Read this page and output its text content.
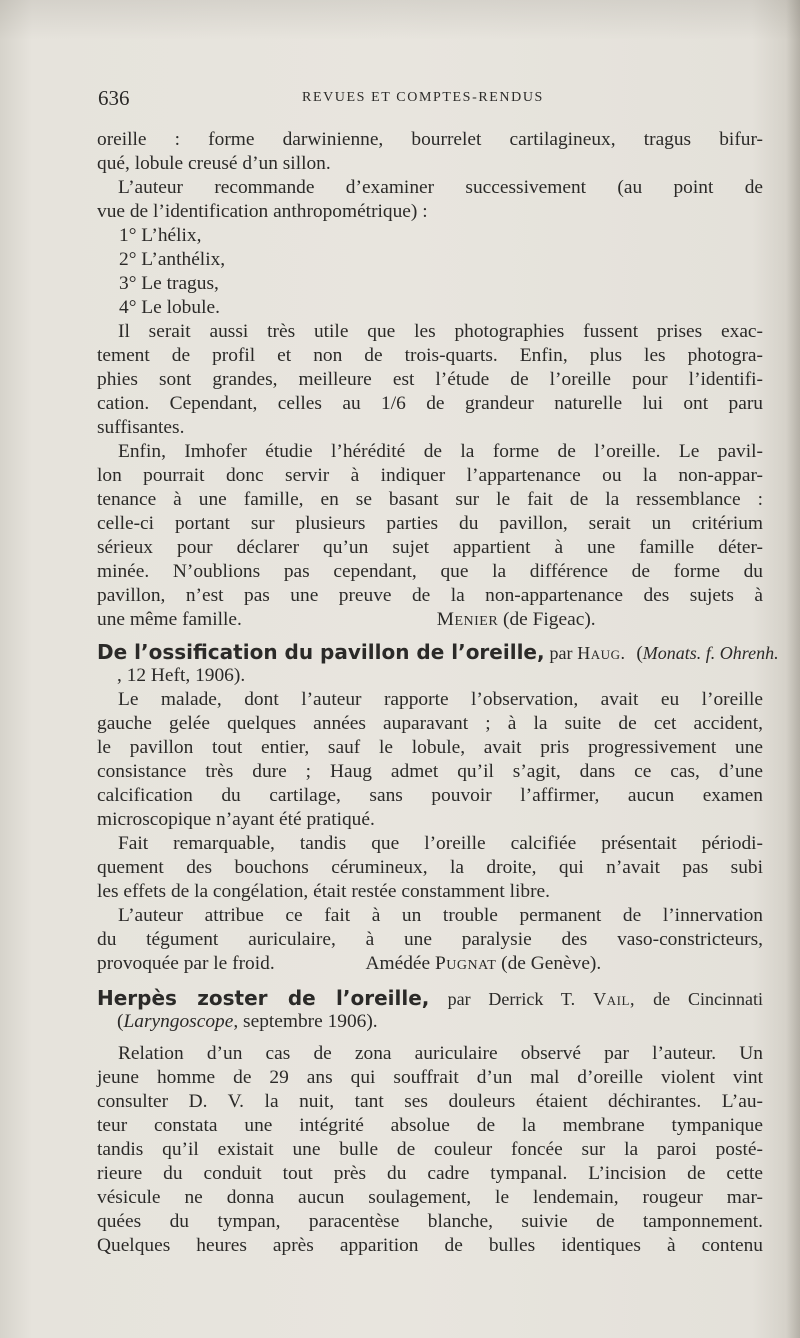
636	REVUES ET COMPTES-RENDUS
oreille : forme darwinienne, bourrelet cartilagineux, tragus bifur-
qué, lobule creusé d’un sillon.
L’auteur recommande d’examiner successivement (au point de
vue de l’identification anthropométrique) :
1° L’hélix,
2° L’anthélix,
3° Le tragus,
4° Le lobule.
Il serait aussi très utile que les photographies fussent prises exac-
tement de profil et non de trois-quarts. Enfin, plus les photogra-
phies sont grandes, meilleure est l’étude de l’oreille pour l’identifi-
cation. Cependant, celles au 1/6 de grandeur naturelle lui ont paru
suffisantes.
Enfin, Imhofer étudie l’hérédité de la forme de l’oreille. Le pavil-
lon pourrait donc servir à indiquer l’appartenance ou la non-appar-
tenance à une famille, en se basant sur le fait de la ressemblance :
celle-ci portant sur plusieurs parties du pavillon, serait un critérium
sérieux pour déclarer qu’un sujet appartient à une famille déter-
minée. N’oublions pas cependant, que la différence de forme du
pavillon, n’est pas une preuve de la non-appartenance des sujets à
une même famille.	Menier (de Figeac).
De l’ossification du pavillon de l’oreille, par Haug. (Monats. f. Ohrenh.
, 12 Heft, 1906).
Le malade, dont l’auteur rapporte l’observation, avait eu l’oreille
gauche gelée quelques années auparavant ; à la suite de cet accident,
le pavillon tout entier, sauf le lobule, avait pris progressivement une
consistance très dure ; Haug admet qu’il s’agit, dans ce cas, d’une
calcification du cartilage, sans pouvoir l’affirmer, aucun examen
microscopique n’ayant été pratiqué.
Fait remarquable, tandis que l’oreille calcifiée présentait périodi-
quement des bouchons cérumineux, la droite, qui n’avait pas subi
les effets de la congélation, était restée constamment libre.
L’auteur attribue ce fait à un trouble permanent de l’innervation
du tégument auriculaire, à une paralysie des vaso-constricteurs,
provoquée par le froid.	Amédée Pugnat (de Genève).
Herpès zoster de l’oreille, par Derrick T. Vail, de Cincinnati
(Laryngoscope, septembre 1906).
Relation d’un cas de zona auriculaire observé par l’auteur. Un
jeune homme de 29 ans qui souffrait d’un mal d’oreille violent vint
consulter D. V. la nuit, tant ses douleurs étaient déchirantes. L’au-
teur constata une intégrité absolue de la membrane tympanique
tandis qu’il existait une bulle de couleur foncée sur la paroi posté-
rieure du conduit tout près du cadre tympanal. L’incision de cette
vésicule ne donna aucun soulagement, le lendemain, rougeur mar-
quées du tympan, paracentèse blanche, suivie de tamponnement.
Quelques heures après apparition de bulles identiques à contenu
